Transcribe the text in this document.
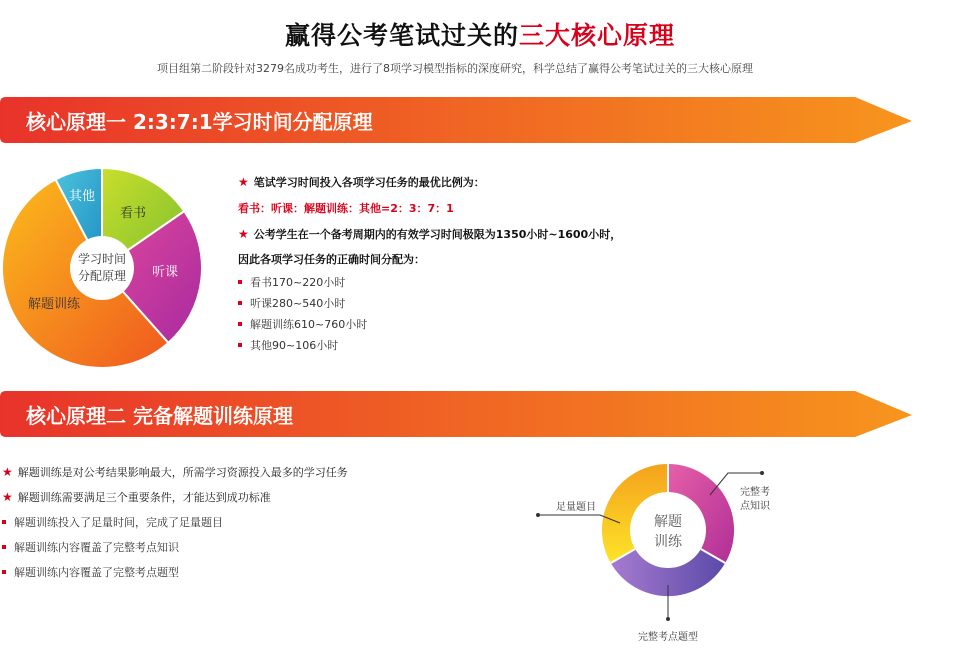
赢得公考笔试过关的三大核心原理
项目组第二阶段针对3279名成功考生，进行了8项学习模型指标的深度研究，科学总结了赢得公考笔试过关的三大核心原理
核心原理一 2:3:7:1学习时间分配原理
学习时间
分配原理
看书
听课
解题训练
其他
★ 笔试学习时间投入各项学习任务的最优比例为：
看书：听课：解题训练：其他=2：3：7：1
★ 公考学生在一个备考周期内的有效学习时间极限为1350小时~1600小时，
因此各项学习任务的正确时间分配为：
看书170~220小时
听课280~540小时
解题训练610~760小时
其他90~106小时
核心原理二 完备解题训练原理
★ 解题训练是对公考结果影响最大，所需学习资源投入最多的学习任务
★ 解题训练需要满足三个重要条件，才能达到成功标准
解题训练投入了足量时间，完成了足量题目
解题训练内容覆盖了完整考点知识
解题训练内容覆盖了完整考点题型
解题
训练
足量题目
完整考
点知识
完整考点题型
